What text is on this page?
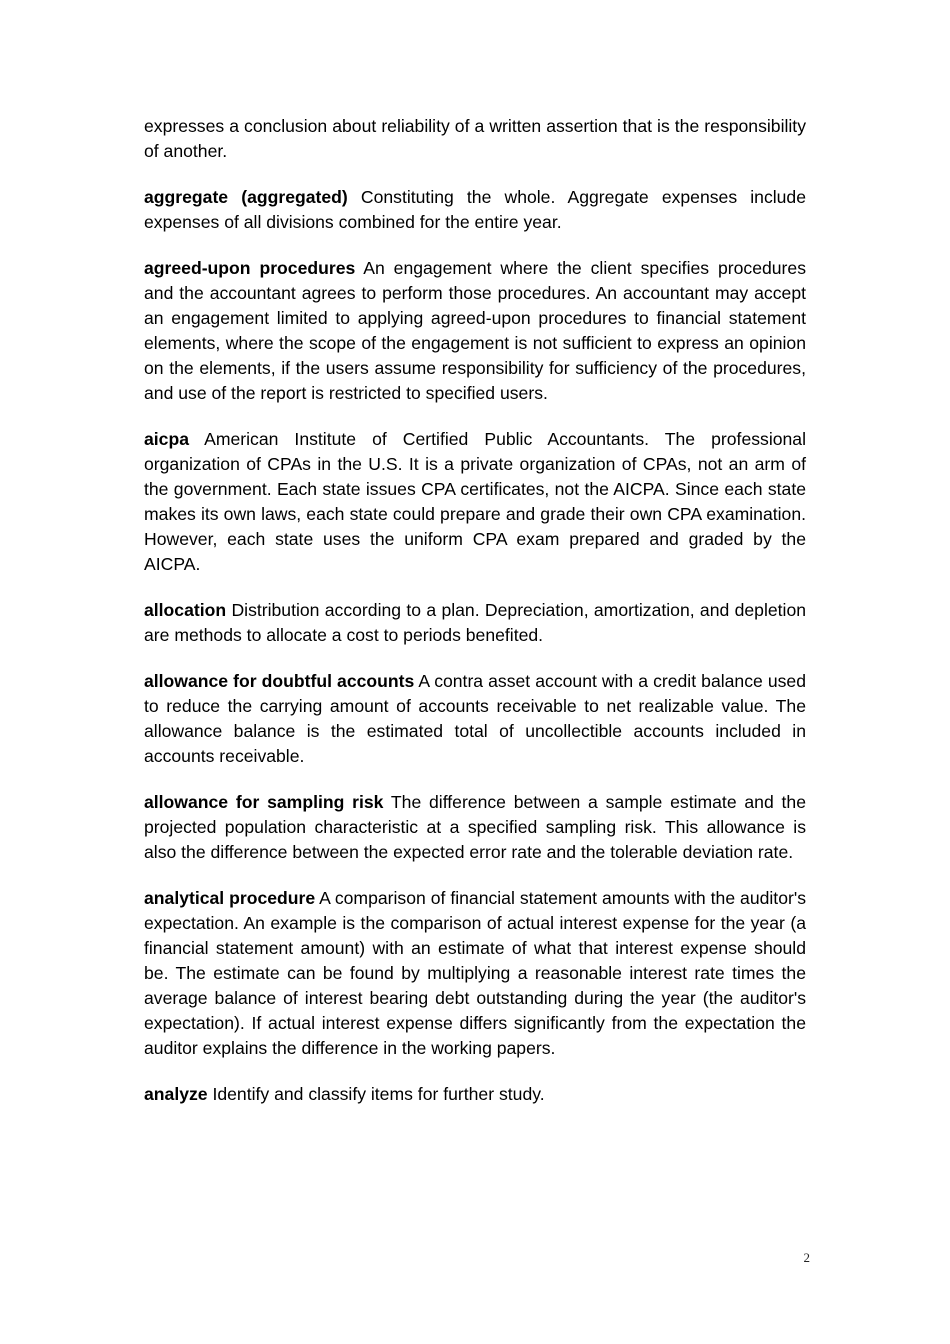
expresses a conclusion about reliability of a written assertion that is the responsibility of another.

aggregate (aggregated) Constituting the whole. Aggregate expenses include expenses of all divisions combined for the entire year.

agreed-upon procedures An engagement where the client specifies procedures and the accountant agrees to perform those procedures. An accountant may accept an engagement limited to applying agreed-upon procedures to financial statement elements, where the scope of the engagement is not sufficient to express an opinion on the elements, if the users assume responsibility for sufficiency of the procedures, and use of the report is restricted to specified users.

aicpa American Institute of Certified Public Accountants. The professional organization of CPAs in the U.S. It is a private organization of CPAs, not an arm of the government. Each state issues CPA certificates, not the AICPA. Since each state makes its own laws, each state could prepare and grade their own CPA examination. However, each state uses the uniform CPA exam prepared and graded by the AICPA.

allocation Distribution according to a plan. Depreciation, amortization, and depletion are methods to allocate a cost to periods benefited.

allowance for doubtful accounts A contra asset account with a credit balance used to reduce the carrying amount of accounts receivable to net realizable value. The allowance balance is the estimated total of uncollectible accounts included in accounts receivable.

allowance for sampling risk The difference between a sample estimate and the projected population characteristic at a specified sampling risk. This allowance is also the difference between the expected error rate and the tolerable deviation rate.

analytical procedure A comparison of financial statement amounts with the auditor's expectation. An example is the comparison of actual interest expense for the year (a financial statement amount) with an estimate of what that interest expense should be. The estimate can be found by multiplying a reasonable interest rate times the average balance of interest bearing debt outstanding during the year (the auditor's expectation). If actual interest expense differs significantly from the expectation the auditor explains the difference in the working papers.

analyze Identify and classify items for further study.

2
